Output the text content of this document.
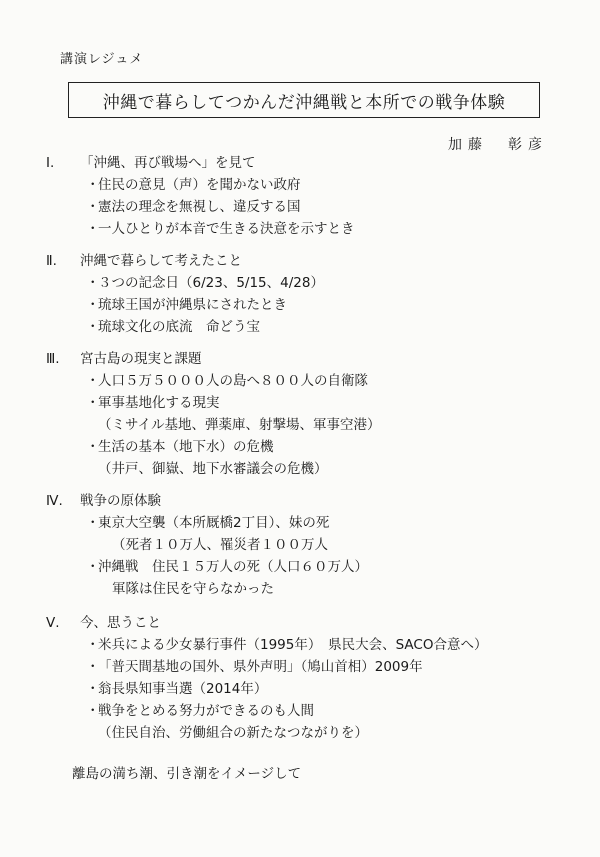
講演レジュメ
沖縄で暮らしてつかんだ沖縄戦と本所での戦争体験
加藤　彰彦
Ⅰ.	「沖縄、再び戦場へ」を見て
・住民の意見（声）を聞かない政府
・憲法の理念を無視し、違反する国
・一人ひとりが本音で生きる決意を示すとき
Ⅱ.	沖縄で暮らして考えたこと
・３つの記念日（6/23、5/15、4/28）
・琉球王国が沖縄県にされたとき
・琉球文化の底流　命どう宝
Ⅲ.	宮古島の現実と課題
・人口５万５０００人の島へ８００人の自衛隊
・軍事基地化する現実
（ミサイル基地、弾薬庫、射撃場、軍事空港）
・生活の基本（地下水）の危機
（井戸、御嶽、地下水審議会の危機）
Ⅳ.	戦争の原体験
・東京大空襲（本所厩橋2丁目）、妹の死
（死者１０万人、罹災者１００万人
・沖縄戦　住民１５万人の死（人口６０万人）
軍隊は住民を守らなかった
Ⅴ.	今、思うこと
・米兵による少女暴行事件（1995年）　県民大会、SACO合意へ）
・「普天間基地の国外、県外声明」（鳩山首相）2009年
・翁長県知事当選（2014年）
・戦争をとめる努力ができるのも人間
（住民自治、労働組合の新たなつながりを）
離島の満ち潮、引き潮をイメージして
